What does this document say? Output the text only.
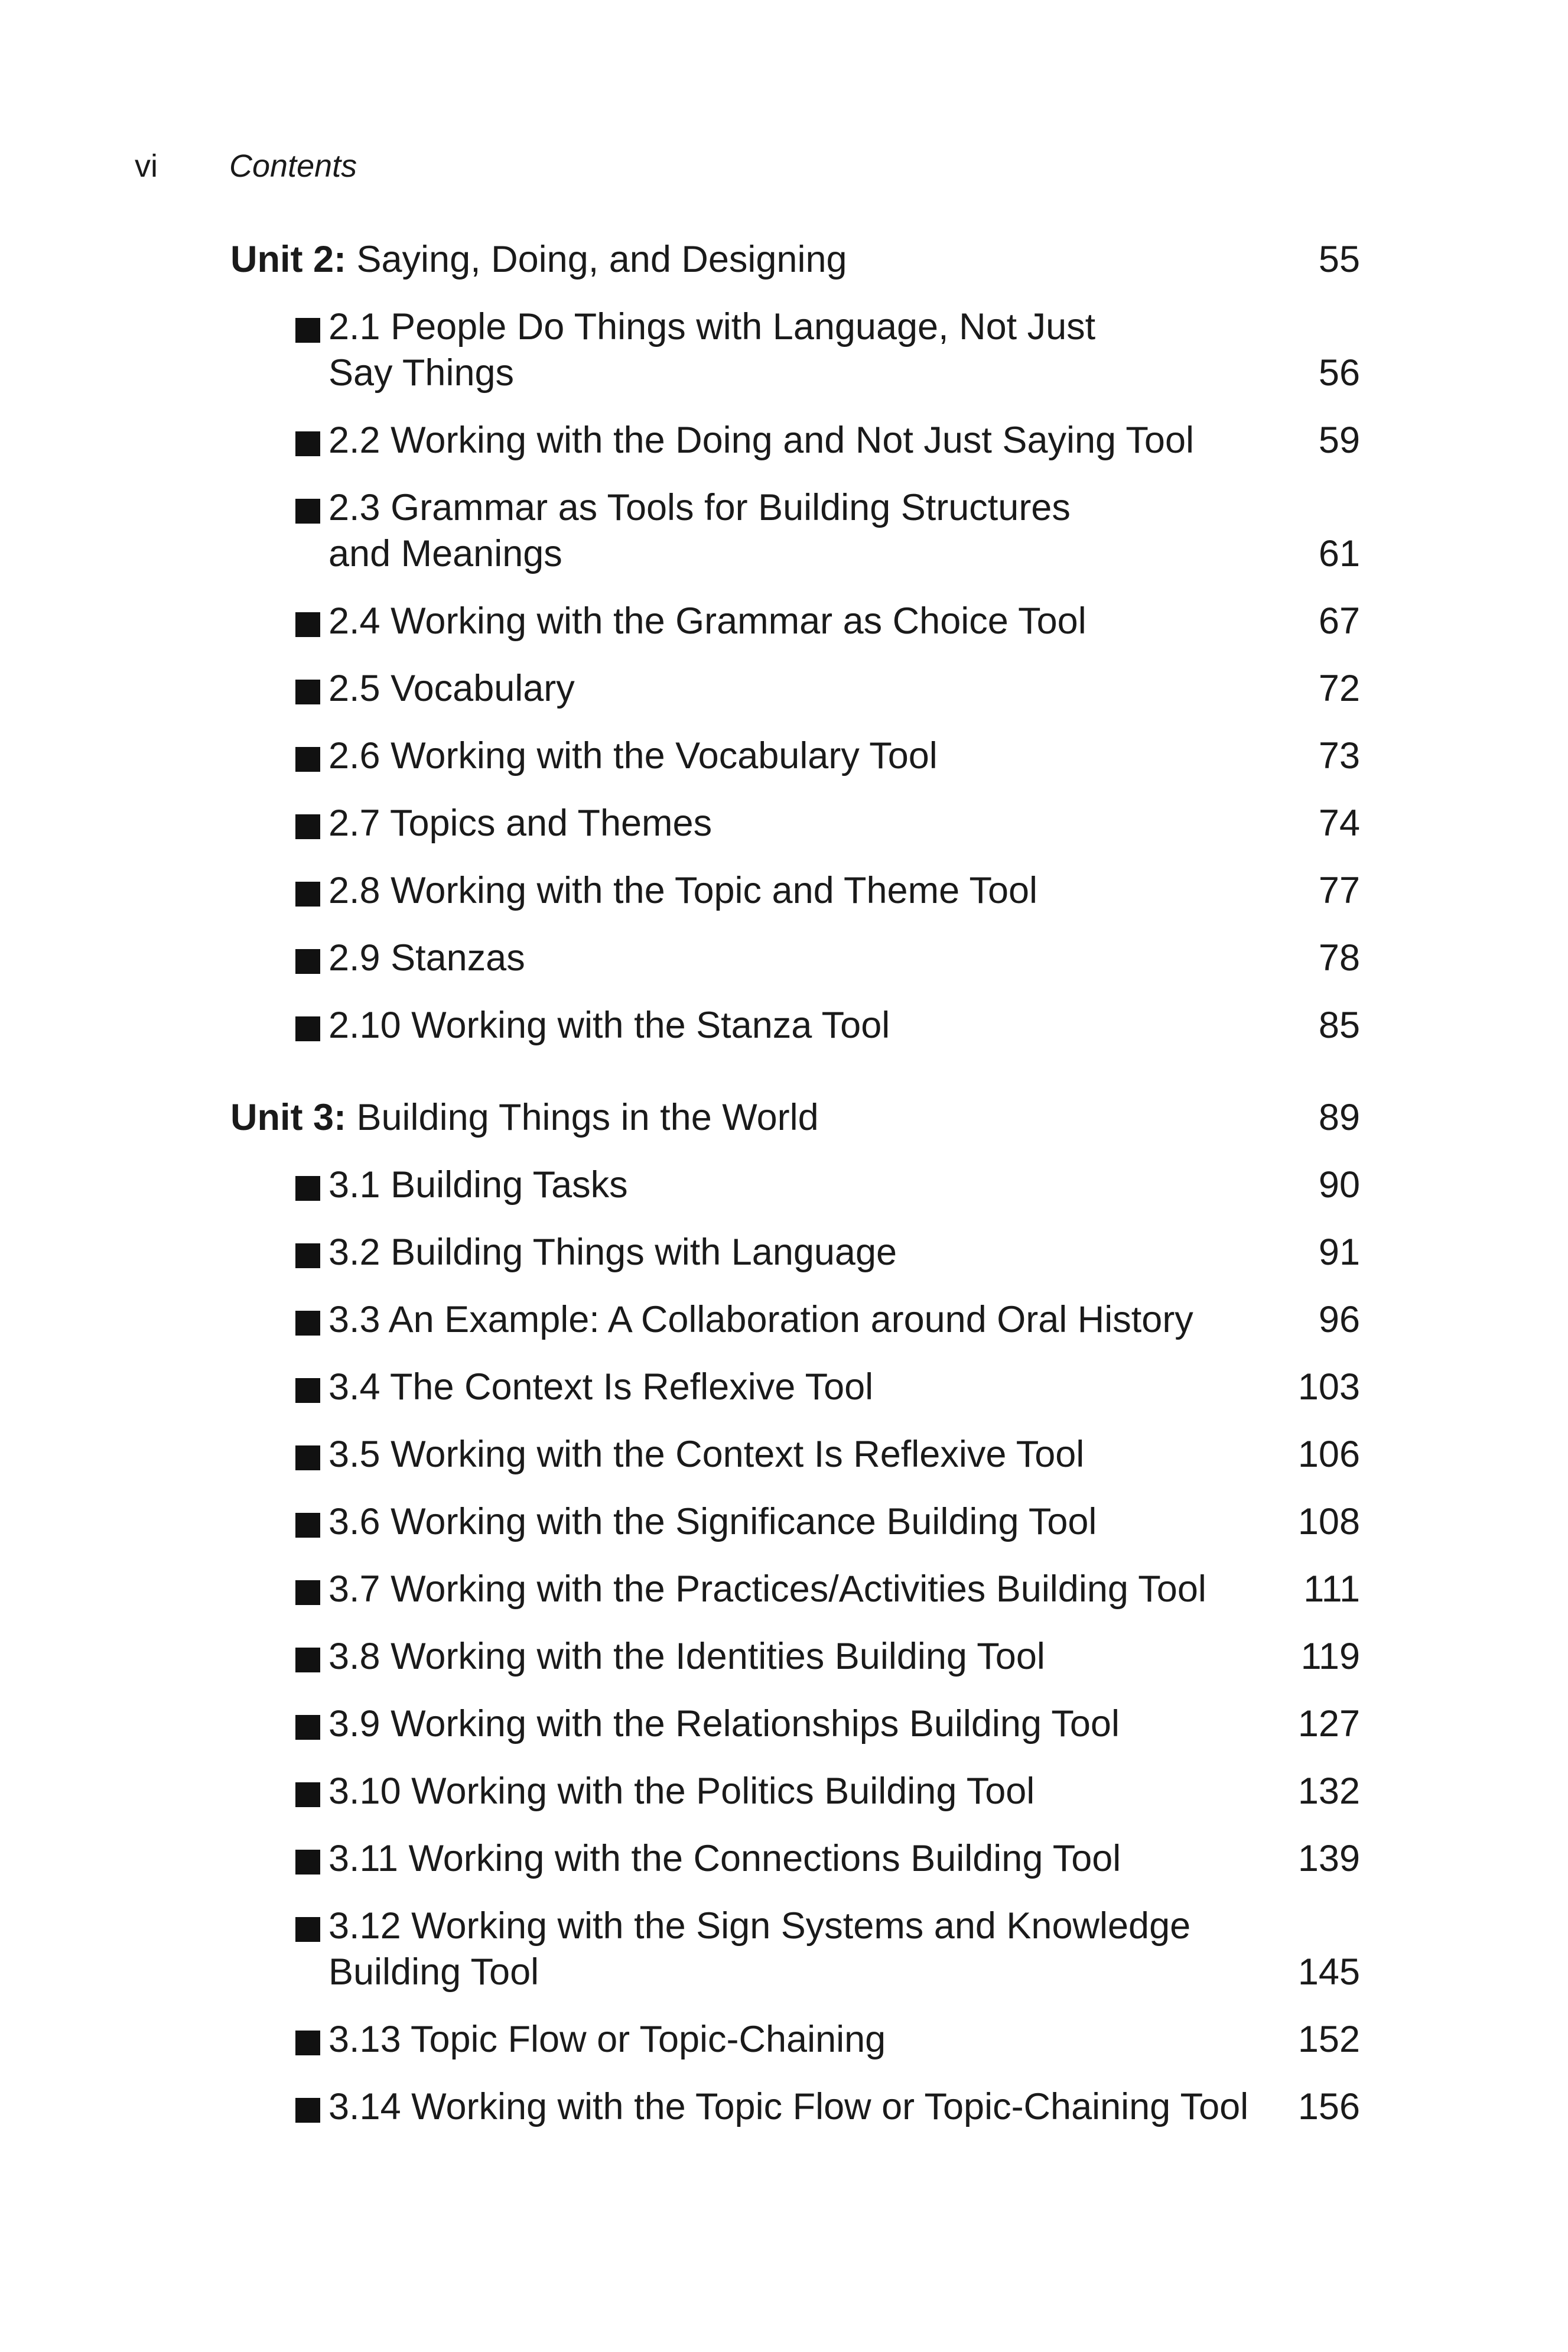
vi	Contents
Unit 2: Saying, Doing, and Designing	55
2.1 People Do Things with Language, Not Just
Say Things	56
2.2 Working with the Doing and Not Just Saying Tool	59
2.3 Grammar as Tools for Building Structures
and Meanings	61
2.4 Working with the Grammar as Choice Tool	67
2.5 Vocabulary	72
2.6 Working with the Vocabulary Tool	73
2.7 Topics and Themes	74
2.8 Working with the Topic and Theme Tool	77
2.9 Stanzas	78
2.10 Working with the Stanza Tool	85
Unit 3: Building Things in the World	89
3.1 Building Tasks	90
3.2 Building Things with Language	91
3.3 An Example: A Collaboration around Oral History	96
3.4 The Context Is Reflexive Tool	103
3.5 Working with the Context Is Reflexive Tool	106
3.6 Working with the Significance Building Tool	108
3.7 Working with the Practices/Activities Building Tool	111
3.8 Working with the Identities Building Tool	119
3.9 Working with the Relationships Building Tool	127
3.10 Working with the Politics Building Tool	132
3.11 Working with the Connections Building Tool	139
3.12 Working with the Sign Systems and Knowledge
Building Tool	145
3.13 Topic Flow or Topic-Chaining	152
3.14 Working with the Topic Flow or Topic-Chaining Tool 156
